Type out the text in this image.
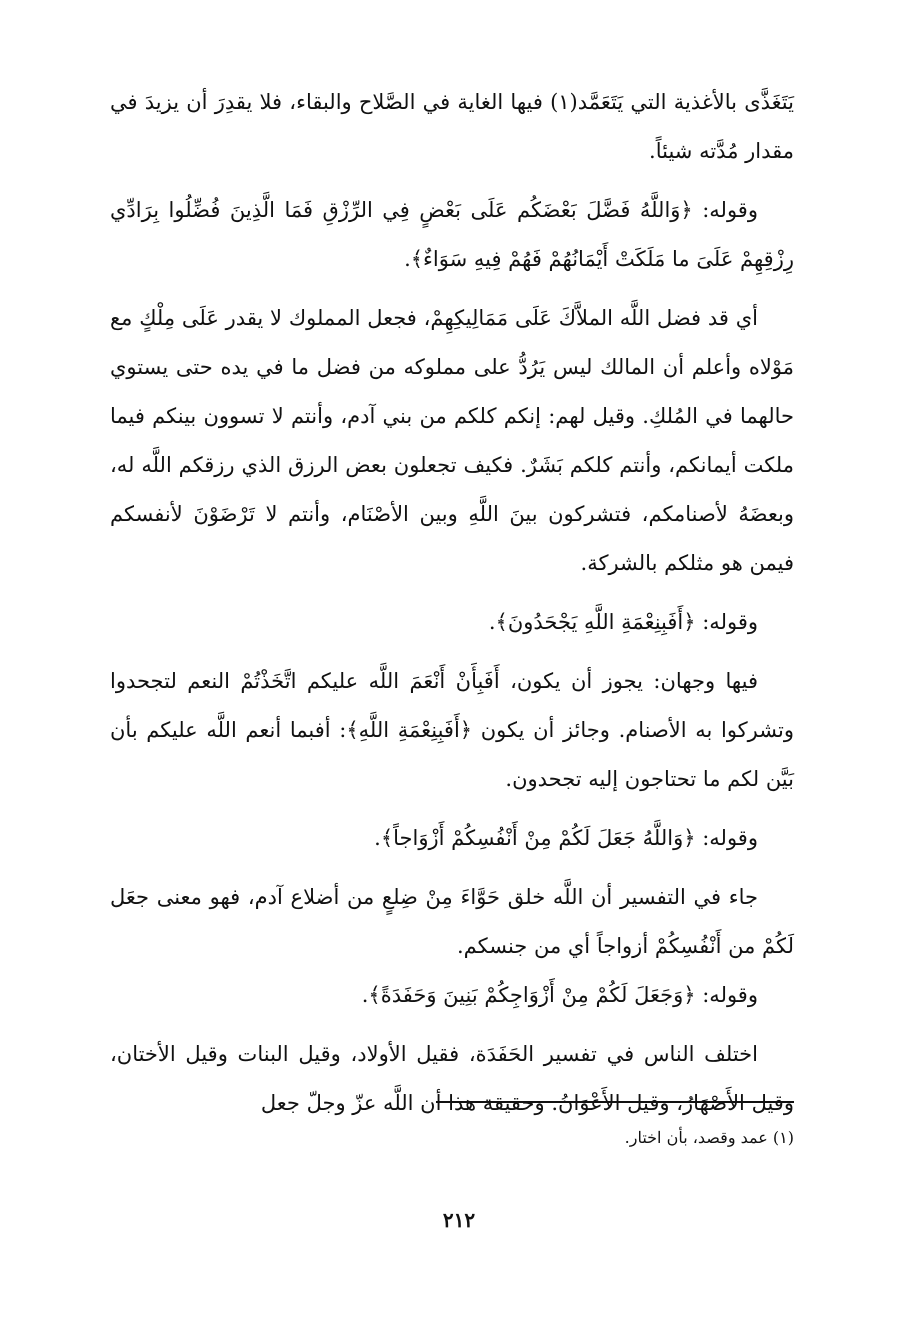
يَتَغَذَّى بالأغذية التي يَتَعَمَّد(١) فيها الغاية في الصَّلاح والبقاء، فلا يقدِرَ أن يزيدَ في مقدار مُدَّته شيئاً.

وقوله: ﴿وَاللَّهُ فَضَّلَ بَعْضَكُم عَلَى بَعْضٍ فِي الرِّزْقِ فَمَا الَّذِينَ فُضِّلُوا بِرَادِّي رِزْقِهِمْ عَلَىَ ما مَلَكَتْ أَيْمَانُهُمْ فَهُمْ فِيهِ سَوَاءٌ﴾.

أي قد فضل اللَّه الملاَّكَ عَلَى مَمَالِيكِهِمْ، فجعل المملوك لا يقدر عَلَى مِلْكٍ مع مَوْلاه وأعلم أن المالك ليس يَرُدُّ على مملوكه من فضل ما في يده حتى يستوي حالهما في المُلكِ. وقيل لهم: إنكم كلكم من بني آدم، وأنتم لا تسوون بينكم فيما ملكت أيمانكم، وأنتم كلكم بَشَرٌ. فكيف تجعلون بعض الرزق الذي رزقكم اللَّه له، وبعضَهُ لأصنامكم، فتشركون بينَ اللَّهِ وبين الأصْنَام، وأنتم لا تَرْضَوْنَ لأنفسكم فيمن هو مثلكم بالشركة.

وقوله: ﴿أَفَبِنِعْمَةِ اللَّهِ يَجْحَدُونَ﴾.

فيها وجهان: يجوز أن يكون، أَفَبِأَنْ أَنْعَمَ اللَّه عليكم اتَّخَذْتُمْ النعم لتجحدوا وتشركوا به الأصنام. وجائز أن يكون ﴿أَفَبِنِعْمَةِ اللَّهِ﴾: أفبما أنعم اللَّه عليكم بأن بَيَّن لكم ما تحتاجون إليه تجحدون.

وقوله: ﴿وَاللَّهُ جَعَلَ لَكُمْ مِنْ أَنْفُسِكُمْ أَزْوَاجاً﴾.

جاء في التفسير أن اللَّه خلق حَوَّاءَ مِنْ ضِلعٍ من أضلاع آدم، فهو معنى جعَل لَكُمْ من أَنْفُسِكُمْ أزواجاً أي من جنسكم.

وقوله: ﴿وَجَعَلَ لَكُمْ مِنْ أَزْوَاجِكُمْ بَنِينَ وَحَفَدَةً﴾.

اختلف الناس في تفسير الحَفَدَة، فقيل الأولاد، وقيل البنات وقيل الأختان، وقيل الأَصْهَارُ، وقيل الأَعْوَانُ. وحقيقة هذا أن اللَّه عزّ وجلّ جعل

(١) عمد وقصد، بأن اختار.
٢١٢
